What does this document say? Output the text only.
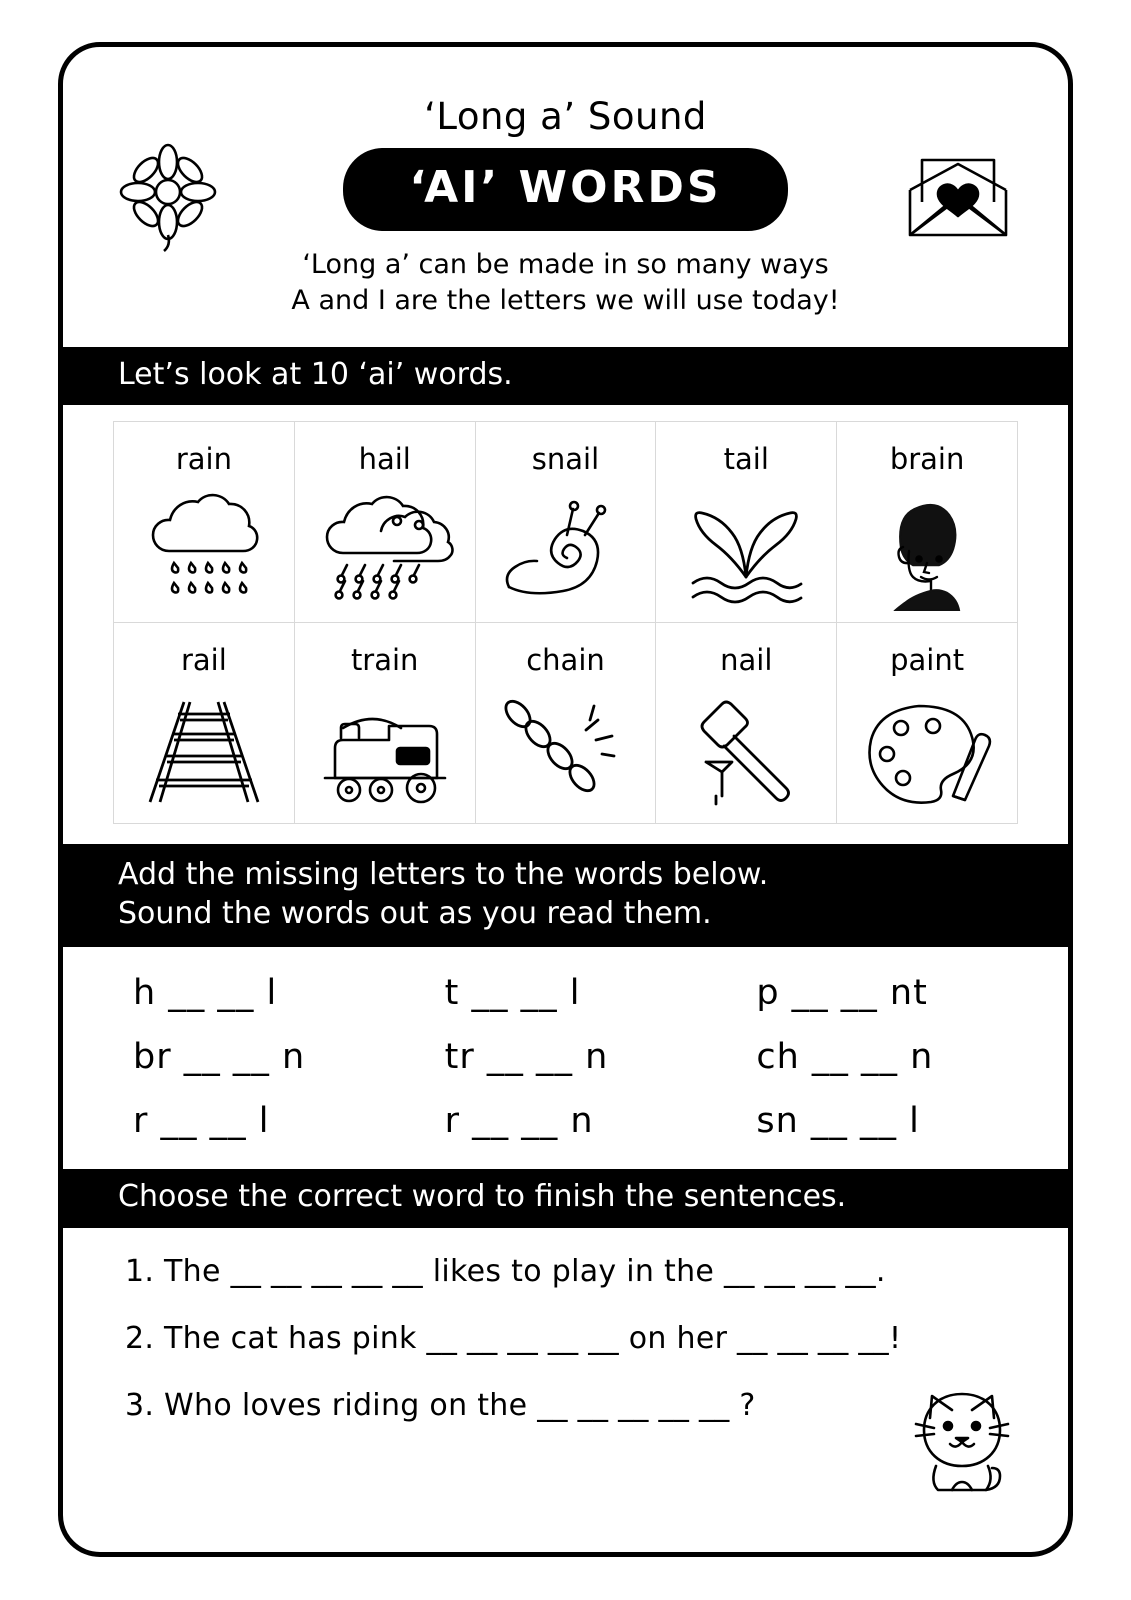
‘Long a’ Sound
‘AI’ WORDS
‘Long a’ can be made in so many ways
A and I are the letters we will use today!
Let’s look at 10 ‘ai’ words.
rain	hail	snail	tail	brain
rail	train	chain	nail	paint
Add the missing letters to the words below.
Sound the words out as you read them.
h __ __ l	t __ __ l	p __ __ nt
br __ __ n	tr __ __ n	ch __ __ n
r __ __ l	r __ __ n	sn __ __ l
Choose the correct word to finish the sentences.
1. The __ __ __ __ __ likes to play in the __ __ __ __.
2. The cat has pink __ __ __ __ __ on her __ __ __ __!
3. Who loves riding on the __ __ __ __ __ ?
